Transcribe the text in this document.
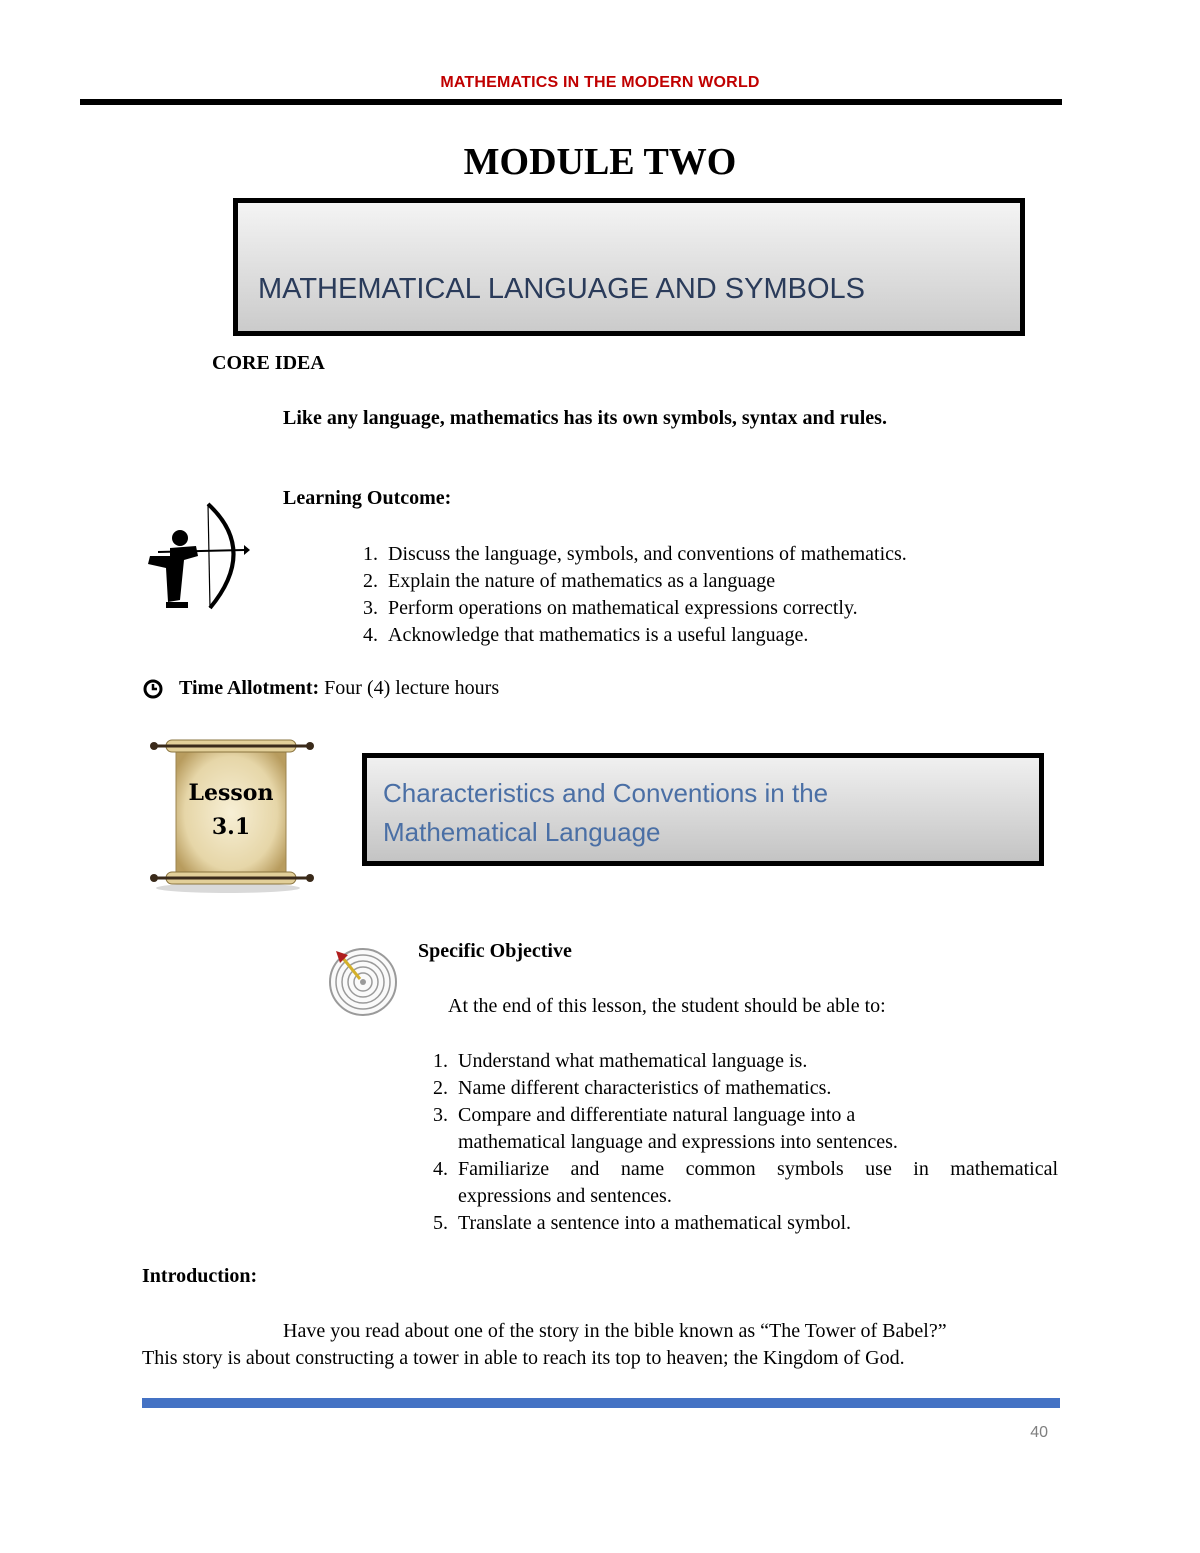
MATHEMATICS IN THE MODERN WORLD
MODULE TWO
MATHEMATICAL LANGUAGE AND SYMBOLS
CORE IDEA
Like any language, mathematics has its own symbols, syntax and rules.
Learning Outcome:
1. Discuss the language, symbols, and conventions of mathematics.
2. Explain the nature of mathematics as a language
3. Perform operations on mathematical expressions correctly.
4. Acknowledge that mathematics is a useful language.
Time Allotment: Four (4) lecture hours
Lesson
3.1
Characteristics and Conventions in the
Mathematical Language
Specific Objective
At the end of this lesson, the student should be able to:
1. Understand what mathematical language is.
2. Name different characteristics of mathematics.
3. Compare and differentiate natural language into a
mathematical language and expressions into sentences.
4. Familiarize and name common symbols use in mathematical
expressions and sentences.
5. Translate a sentence into a mathematical symbol.
Introduction:
Have you read about one of the story in the bible known as “The Tower of Babel?”
This story is about constructing a tower in able to reach its top to heaven; the Kingdom of God.
40
